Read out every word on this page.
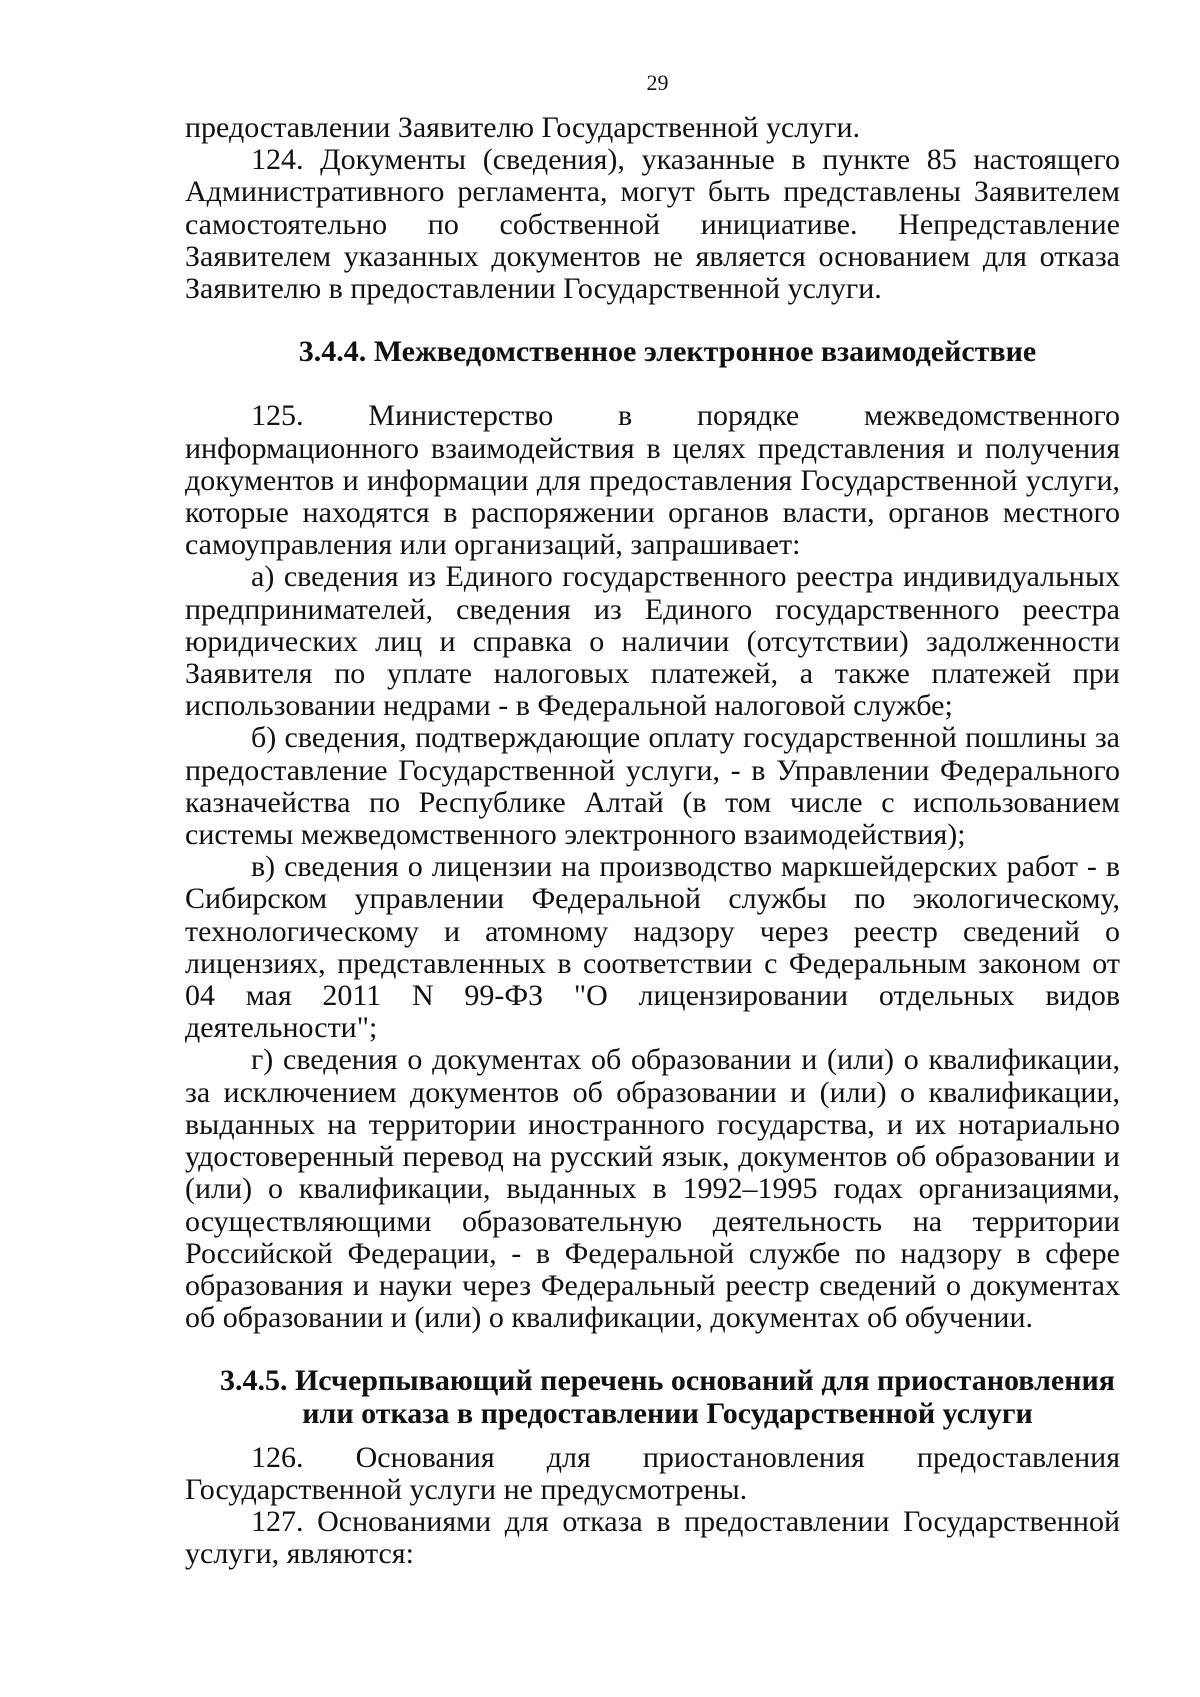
29

предоставлении Заявителю Государственной услуги.

124. Документы (сведения), указанные в пункте 85 настоящего Административного регламента, могут быть представлены Заявителем самостоятельно по собственной инициативе. Непредставление Заявителем указанных документов не является основанием для отказа Заявителю в предоставлении Государственной услуги.

3.4.4. Межведомственное электронное взаимодействие

125. Министерство в порядке межведомственного информационного взаимодействия в целях представления и получения документов и информации для предоставления Государственной услуги, которые находятся в распоряжении органов власти, органов местного самоуправления или организаций, запрашивает:

а) сведения из Единого государственного реестра индивидуальных предпринимателей, сведения из Единого государственного реестра юридических лиц и справка о наличии (отсутствии) задолженности Заявителя по уплате налоговых платежей, а также платежей при использовании недрами - в Федеральной налоговой службе;

б) сведения, подтверждающие оплату государственной пошлины за предоставление Государственной услуги, - в Управлении Федерального казначейства по Республике Алтай (в том числе с использованием системы межведомственного электронного взаимодействия);

в) сведения о лицензии на производство маркшейдерских работ - в Сибирском управлении Федеральной службы по экологическому, технологическому и атомному надзору через реестр сведений о лицензиях, представленных в соответствии с Федеральным законом от 04 мая 2011 N 99-ФЗ "О лицензировании отдельных видов деятельности";

г) сведения о документах об образовании и (или) о квалификации, за исключением документов об образовании и (или) о квалификации, выданных на территории иностранного государства, и их нотариально удостоверенный перевод на русский язык, документов об образовании и (или) о квалификации, выданных в 1992–1995 годах организациями, осуществляющими образовательную деятельность на территории Российской Федерации, - в Федеральной службе по надзору в сфере образования и науки через Федеральный реестр сведений о документах об образовании и (или) о квалификации, документах об обучении.

3.4.5. Исчерпывающий перечень оснований для приостановления
или отказа в предоставлении Государственной услуги

126. Основания для приостановления предоставления Государственной услуги не предусмотрены.

127. Основаниями для отказа в предоставлении Государственной услуги, являются:
